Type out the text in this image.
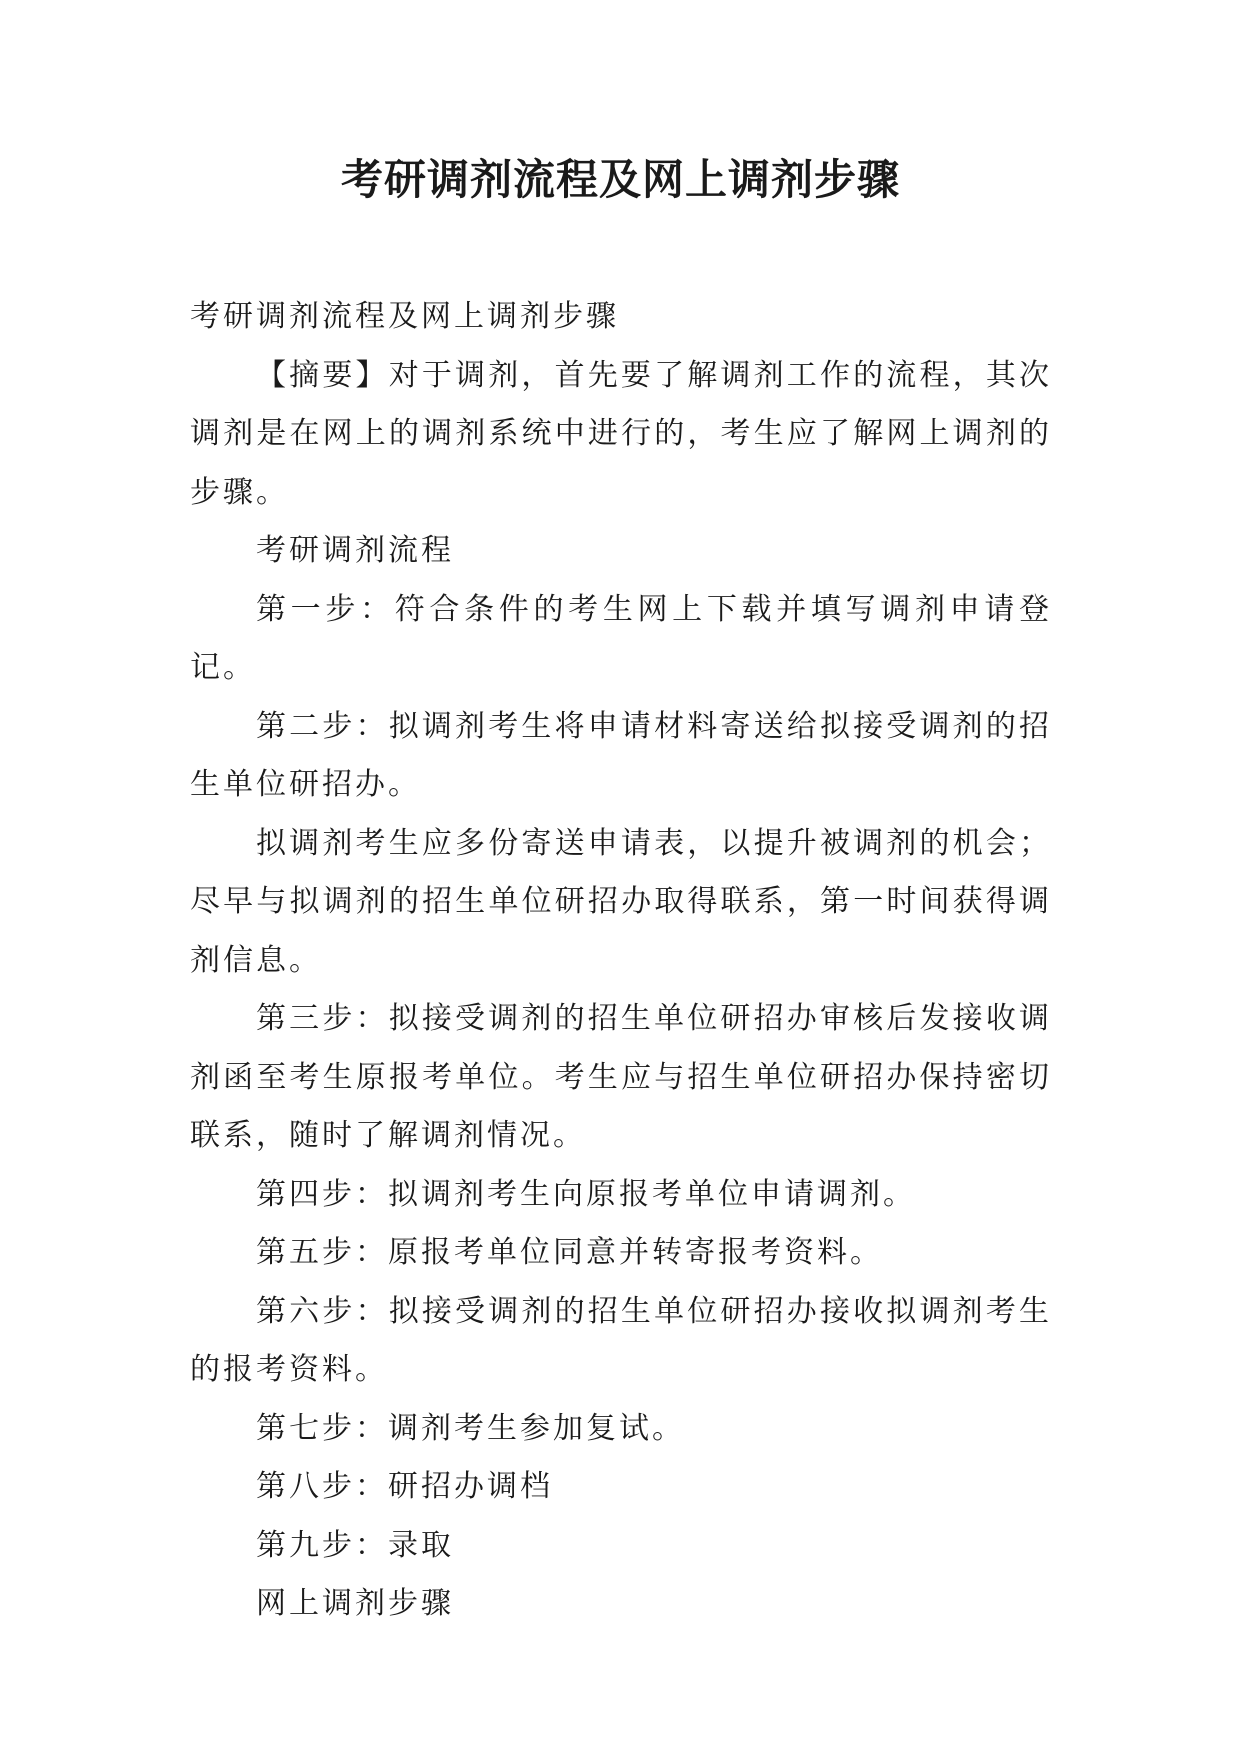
考研调剂流程及网上调剂步骤

考研调剂流程及网上调剂步骤

【摘要】对于调剂，首先要了解调剂工作的流程，其次调剂是在网上的调剂系统中进行的，考生应了解网上调剂的步骤。

考研调剂流程

第一步：符合条件的考生网上下载并填写调剂申请登记。

第二步：拟调剂考生将申请材料寄送给拟接受调剂的招生单位研招办。

拟调剂考生应多份寄送申请表，以提升被调剂的机会；尽早与拟调剂的招生单位研招办取得联系，第一时间获得调剂信息。

第三步：拟接受调剂的招生单位研招办审核后发接收调剂函至考生原报考单位。考生应与招生单位研招办保持密切联系，随时了解调剂情况。

第四步：拟调剂考生向原报考单位申请调剂。

第五步：原报考单位同意并转寄报考资料。

第六步：拟接受调剂的招生单位研招办接收拟调剂考生的报考资料。

第七步：调剂考生参加复试。

第八步：研招办调档

第九步：录取

网上调剂步骤
